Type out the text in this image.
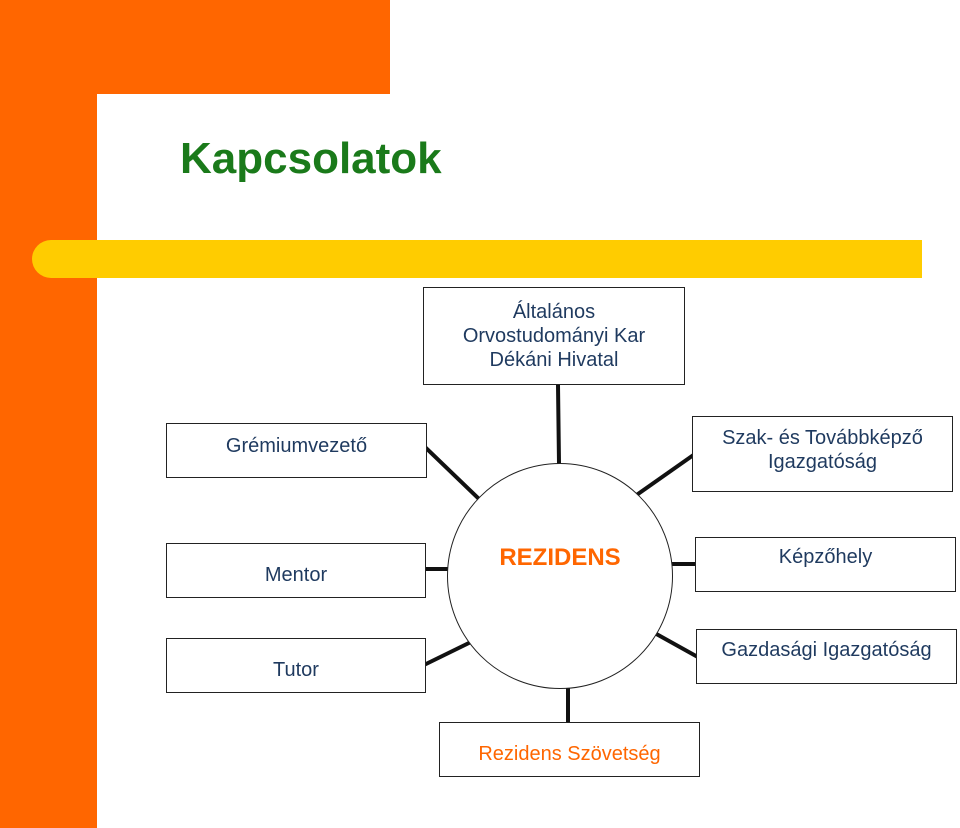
Kapcsolatok
Általános
Orvostudományi Kar
Dékáni Hivatal
Grémiumvezető	Szak- és Továbbképző
Igazgatóság
Mentor
Képzőhely
Tutor
Gazdasági Igazgatóság
Rezidens Szövetség
REZIDENS
